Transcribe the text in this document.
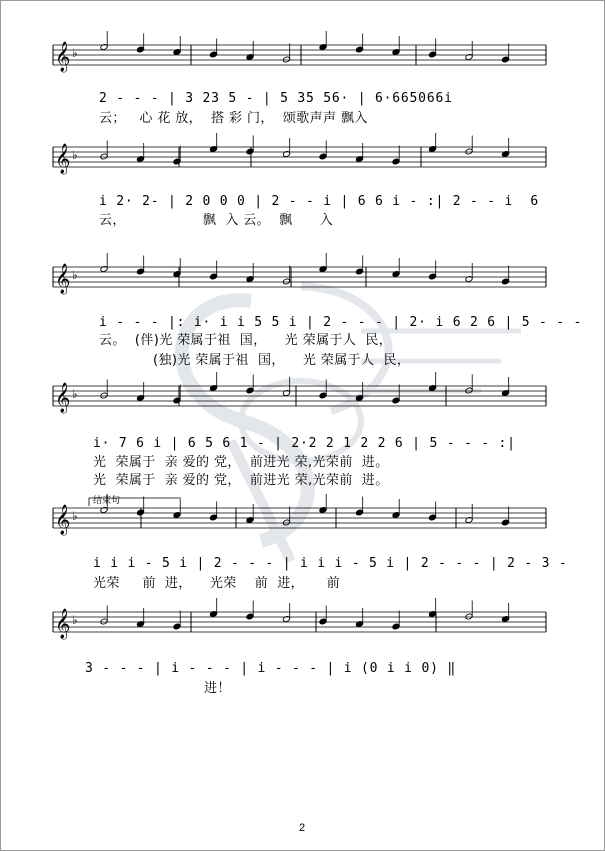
𝄞 ♭
𝄞 ♭
𝄞 ♭
𝄞 ♭
𝄞 ♭
𝄞 ♭
2 - - - | 3 23 5 - | 5 35 56· | 6·665066i
云；   心 花 放，  搭 彩 门，  颂歌声声 飘入
i 2· 2- | 2 0 0 0 | 2 - - i | 6 6 i - :| 2 - - i  6
云，                 飘  入 云。  飘      入
i - - - |: i· i i 5 5 i | 2 - - - | 2· i 6 2 6 | 5 - - -
云。  (伴)光 荣属于祖  国，    光 荣属于人  民，
(独)光 荣属于祖  国，    光 荣属于人  民，
i· 7 6 i | 6 5 6 1 - | 2·2 2 1 2 2 6 | 5 - - - :|
光  荣属于  亲 爱的 党，  前进光 荣,光荣前  进。
光  荣属于  亲 爱的 党，  前进光 荣,光荣前  进。
结束句
i i i - 5 i | 2 - - - | i i i - 5 i | 2 - - - | 2 - 3 -
光荣     前  进，    光荣    前  进，     前
3 - - - | i - - - | i - - - | i (0 i i 0) ‖
进！
2
